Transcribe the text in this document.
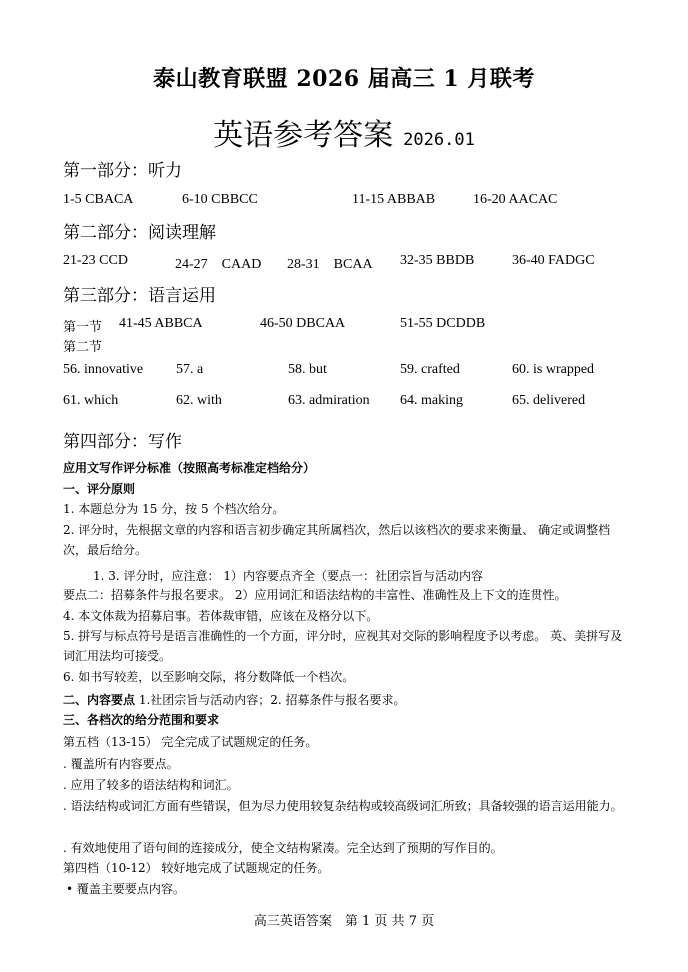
泰山教育联盟 2026 届高三 1 月联考
英语参考答案 2026.01
第一部分：听力
1-5 CBACA	6-10 CBBCC	11-15 ABBAB	16-20 AACAC
第二部分：阅读理解
21-23 CCD	24-27　CAAD 28-31　BCAA 32-35 BBDB	36-40 FADGC
第三部分：语言运用
第一节 41-45 ABBCA	46-50 DBCAA	51-55 DCDDB
第二节
56. innovative 57. a	58. but	59. crafted	60. is wrapped
61. which	62. with	63. admiration 64. making	65. delivered
第四部分：写作
应用文写作评分标准（按照高考标准定档给分）
一、评分原则
1. 本题总分为 15 分，按 5 个档次给分。
2. 评分时，先根据文章的内容和语言初步确定其所属档次，然后以该档次的要求来衡量、 确定或调整档次，最后给分。
1. 3. 评分时，应注意： 1）内容要点齐全（要点一：社团宗旨与活动内容
要点二：招募条件与报名要求。 2）应用词汇和语法结构的丰富性、准确性及上下文的连贯性。
4. 本文体裁为招募启事。若体裁审错，应该在及格分以下。
5. 拼写与标点符号是语言准确性的一个方面，评分时，应视其对交际的影响程度予以考虑。 英、美拼写及词汇用法均可接受。
6. 如书写较差，以至影响交际，将分数降低一个档次。
二、内容要点 1.社团宗旨与活动内容；2. 招募条件与报名要求。
三、各档次的给分范围和要求
第五档（13-15） 完全完成了试题规定的任务。
. 覆盖所有内容要点。
. 应用了较多的语法结构和词汇。
. 语法结构或词汇方面有些错误，但为尽力使用较复杂结构或较高级词汇所致；具备较强的语言运用能力。
. 有效地使用了语句间的连接成分，使全文结构紧凑。完全达到了预期的写作目的。
第四档（10-12） 较好地完成了试题规定的任务。
• 覆盖主要要点内容。
高三英语答案　第 1 页 共 7 页
